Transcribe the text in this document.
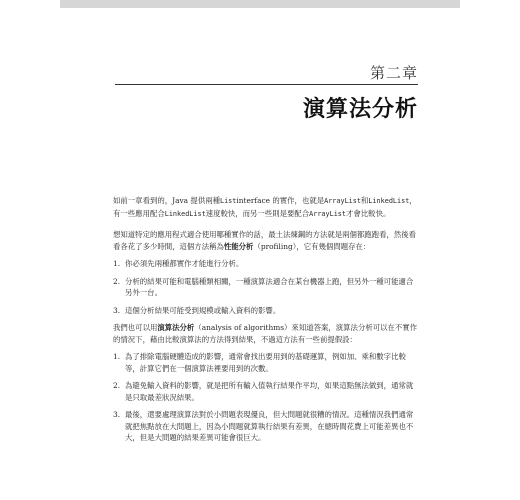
第二章
演算法分析

如前一章看到的，Java 提供兩種Listinterface 的實作，也就是ArrayList和LinkedList，有一些應用配合LinkedList速度較快，而另一些則是要配合ArrayList才會比較快。

想知道特定的應用程式適合使用哪種實作的話，最土法煉鋼的方法就是兩個都跑跑看，然後看看各花了多少時間，這個方法稱為性能分析（profiling），它有幾個問題存在：

1. 你必須先兩種都實作才能進行分析。
2. 分析的結果可能和電腦種類相關，一種演算法適合在某台機器上跑，但另外一種可能適合另外一台。
3. 這個分析結果可能受到規模或輸入資料的影響。

我們也可以用演算法分析（analysis of algorithms）來知道答案，演算法分析可以在不實作的情況下，藉由比較演算法的方法得到結果，不過這方法有一些前提假設：

1. 為了排除電腦硬體造成的影響，通常會找出要用到的基礎運算，例如加、乘和數字比較等，計算它們在一個演算法裡要用到的次數。
2. 為避免輸入資料的影響，就是把所有輸入值執行結果作平均，如果這點無法做到，通常就是只取最差狀況結果。
3. 最後，還要處理演算法對於小問題表現優良，但大問題就很糟的情況。這種情況我們通常就把焦點放在大問題上，因為小問題就算執行結果有差異，在總時間花費上可能差異也不大，但是大問題的結果差異可能會很巨大。
